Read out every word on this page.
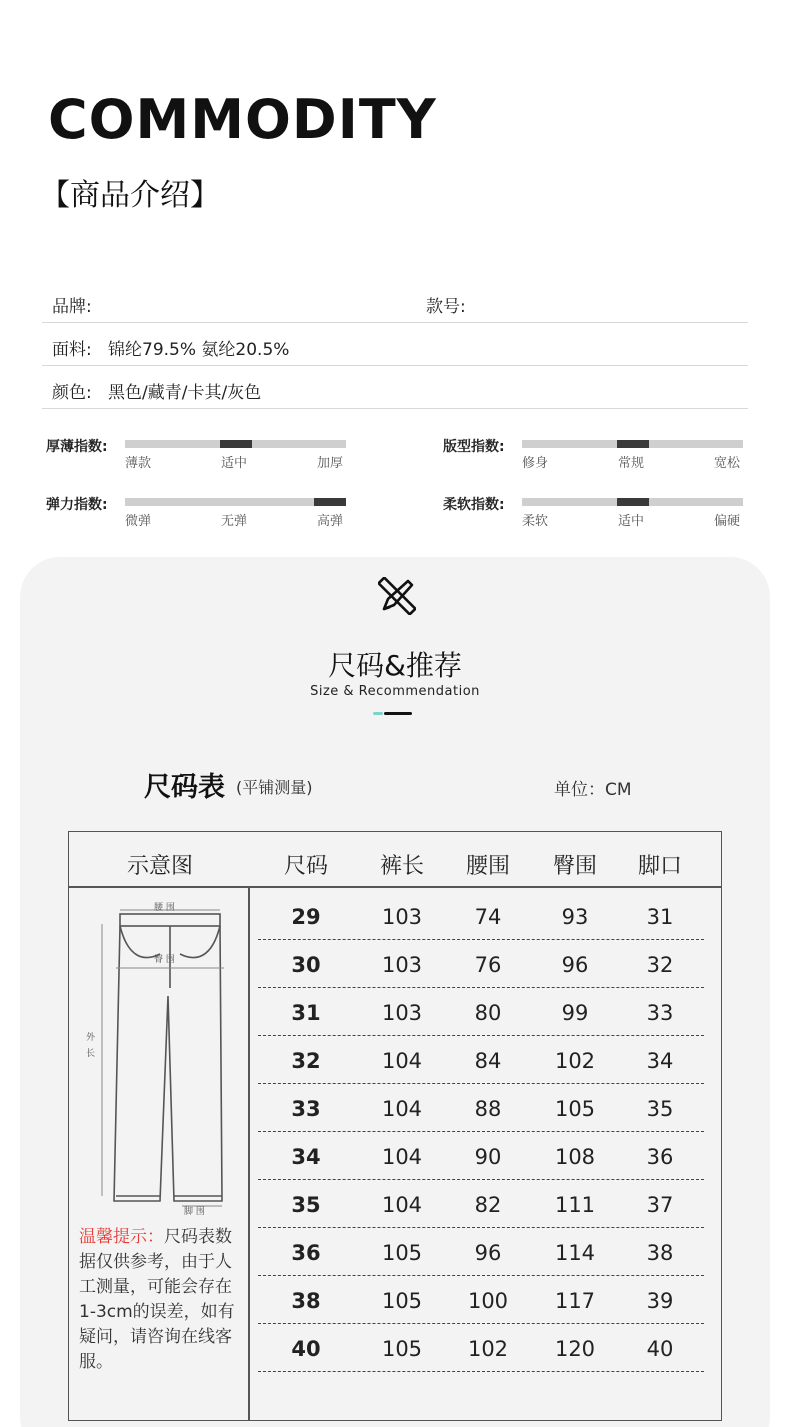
COMMODITY
【商品介绍】
品牌:	款号:
面料: 锦纶79.5% 氨纶20.5%
颜色: 黑色/藏青/卡其/灰色
厚薄指数:
薄款	适中	加厚
版型指数:
修身	常规	宽松
弹力指数:
微弹	无弹	高弹
柔软指数:
柔软	适中	偏硬
尺码&推荐
Size & Recommendation
尺码表 (平铺测量)	单位：CM
示意图	尺码	裤长	腰围	臀围	脚口
29	103	74	93	31
30	103	76	96	32
31	103	80	99	33
32	104	84	102	34
33	104	88	105	35
34	104	90	108	36
35	104	82	111	37
36	105	96	114	38
38	105	100	117	39
40	105	102	120	40
腰 围
臀 围
外
长
脚 围
温馨提示：尺码表数据仅供参考，由于人工测量，可能会存在1-3cm的误差，如有疑问，请咨询在线客服。
